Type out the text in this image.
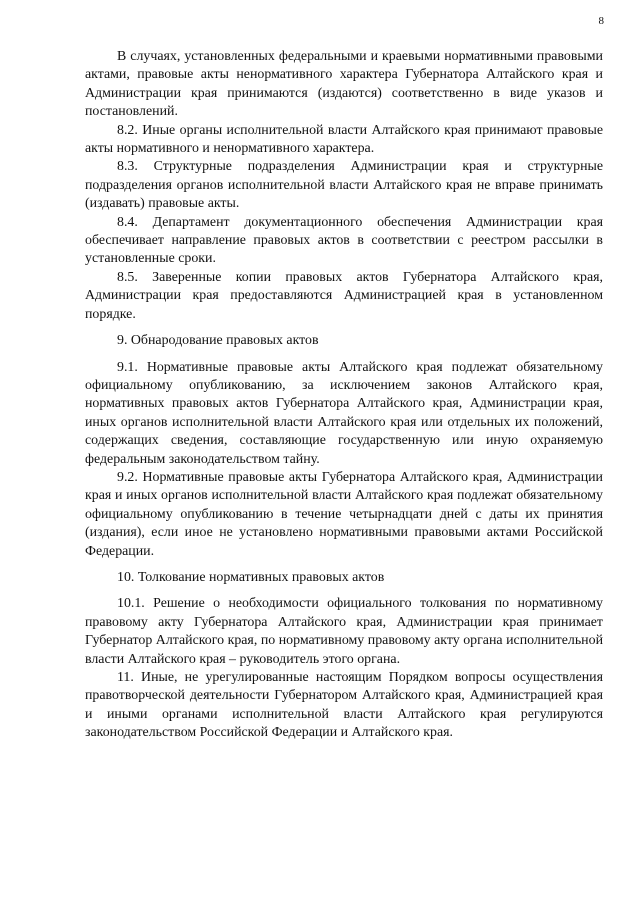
8

В случаях, установленных федеральными и краевыми нормативными правовыми актами, правовые акты ненормативного характера Губернатора Алтайского края и Администрации края принимаются (издаются) соответственно в виде указов и постановлений.

8.2. Иные органы исполнительной власти Алтайского края принимают правовые акты нормативного и ненормативного характера.

8.3. Структурные подразделения Администрации края и структурные подразделения органов исполнительной власти Алтайского края не вправе принимать (издавать) правовые акты.

8.4. Департамент документационного обеспечения Администрации края обеспечивает направление правовых актов в соответствии с реестром рассылки в установленные сроки.

8.5. Заверенные копии правовых актов Губернатора Алтайского края, Администрации края предоставляются Администрацией края в установленном порядке.

9. Обнародование правовых актов

9.1. Нормативные правовые акты Алтайского края подлежат обязательному официальному опубликованию, за исключением законов Алтайского края, нормативных правовых актов Губернатора Алтайского края, Администрации края, иных органов исполнительной власти Алтайского края или отдельных их положений, содержащих сведения, составляющие государственную или иную охраняемую федеральным законодательством тайну.

9.2. Нормативные правовые акты Губернатора Алтайского края, Администрации края и иных органов исполнительной власти Алтайского края подлежат обязательному официальному опубликованию в течение четырнадцати дней с даты их принятия (издания), если иное не установлено нормативными правовыми актами Российской Федерации.

10. Толкование нормативных правовых актов

10.1. Решение о необходимости официального толкования по нормативному правовому акту Губернатора Алтайского края, Администрации края принимает Губернатор Алтайского края, по нормативному правовому акту органа исполнительной власти Алтайского края – руководитель этого органа.

11. Иные, не урегулированные настоящим Порядком вопросы осуществления правотворческой деятельности Губернатором Алтайского края, Администрацией края и иными органами исполнительной власти Алтайского края регулируются законодательством Российской Федерации и Алтайского края.
